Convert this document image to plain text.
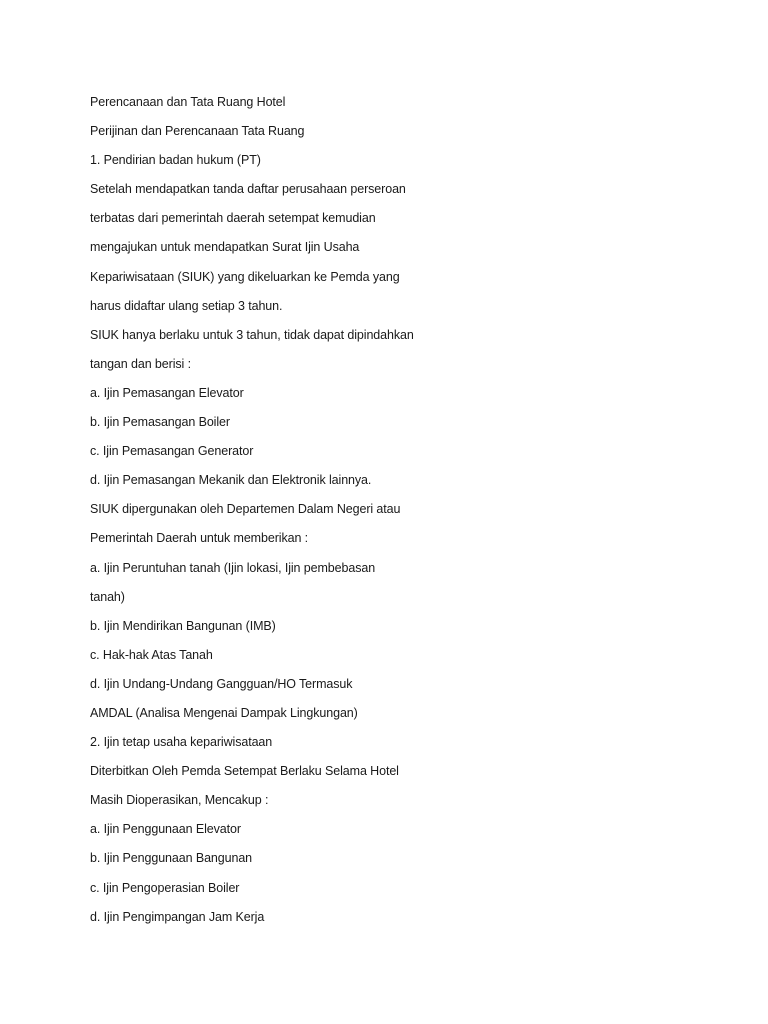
Perencanaan dan Tata Ruang Hotel
Perijinan dan Perencanaan Tata Ruang
1. Pendirian badan hukum (PT)
Setelah mendapatkan tanda daftar perusahaan perseroan
terbatas dari pemerintah daerah setempat kemudian
mengajukan untuk mendapatkan Surat Ijin Usaha
Kepariwisataan (SIUK) yang dikeluarkan ke Pemda yang
harus didaftar ulang setiap 3 tahun.
SIUK hanya berlaku untuk 3 tahun, tidak dapat dipindahkan
tangan dan berisi :
a. Ijin Pemasangan Elevator
b. Ijin Pemasangan Boiler
c. Ijin Pemasangan Generator
d. Ijin Pemasangan Mekanik dan Elektronik lainnya.
SIUK dipergunakan oleh Departemen Dalam Negeri atau
Pemerintah Daerah untuk memberikan :
a. Ijin Peruntuhan tanah (Ijin lokasi, Ijin pembebasan
tanah)
b. Ijin Mendirikan Bangunan (IMB)
c. Hak-hak Atas Tanah
d. Ijin Undang-Undang Gangguan/HO Termasuk
AMDAL (Analisa Mengenai Dampak Lingkungan)
2. Ijin tetap usaha kepariwisataan
Diterbitkan Oleh Pemda Setempat Berlaku Selama Hotel
Masih Dioperasikan, Mencakup :
a. Ijin Penggunaan Elevator
b. Ijin Penggunaan Bangunan
c. Ijin Pengoperasian Boiler
d. Ijin Pengimpangan Jam Kerja
